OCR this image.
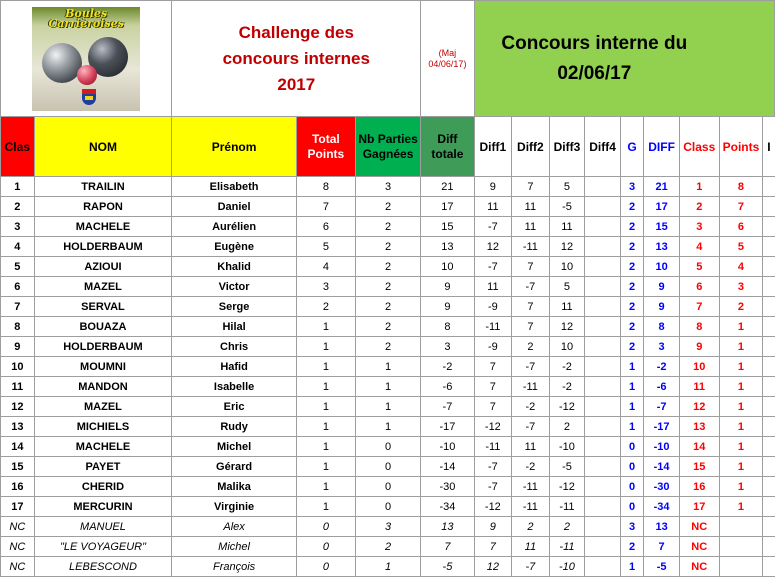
Boules Carrièroises		Challenge des concours internes 2017			(Maj 04/06/17)	Concours interne du 02/06/17								
Clas	NOM	Prénom	Total Points	Nb Parties Gagnées	Diff totale	Diff1	Diff2	Diff3	Diff4	G	DIFF	Class	Points	I
1	TRAILIN	Elisabeth	8	3	21	9	7	5		3	21	1	8	
2	RAPON	Daniel	7	2	17	11	11	-5		2	17	2	7	
3	MACHELE	Aurélien	6	2	15	-7	11	11		2	15	3	6	
4	HOLDERBAUM	Eugène	5	2	13	12	-11	12		2	13	4	5	
5	AZIOUI	Khalid	4	2	10	-7	7	10		2	10	5	4	
6	MAZEL	Victor	3	2	9	11	-7	5		2	9	6	3	
7	SERVAL	Serge	2	2	9	-9	7	11		2	9	7	2	
8	BOUAZA	Hilal	1	2	8	-11	7	12		2	8	8	1	
9	HOLDERBAUM	Chris	1	2	3	-9	2	10		2	3	9	1	
10	MOUMNI	Hafid	1	1	-2	7	-7	-2		1	-2	10	1	
11	MANDON	Isabelle	1	1	-6	7	-11	-2		1	-6	11	1	
12	MAZEL	Eric	1	1	-7	7	-2	-12		1	-7	12	1	
13	MICHIELS	Rudy	1	1	-17	-12	-7	2		1	-17	13	1	
14	MACHELE	Michel	1	0	-10	-11	11	-10		0	-10	14	1	
15	PAYET	Gérard	1	0	-14	-7	-2	-5		0	-14	15	1	
16	CHERID	Malika	1	0	-30	-7	-11	-12		0	-30	16	1	
17	MERCURIN	Virginie	1	0	-34	-12	-11	-11		0	-34	17	1	
NC	MANUEL	Alex	0	3	13	9	2	2		3	13	NC		
NC	"LE VOYAGEUR"	Michel	0	2	7	7	11	-11		2	7	NC		
NC	LEBESCOND	François	0	1	-5	12	-7	-10		1	-5	NC		
